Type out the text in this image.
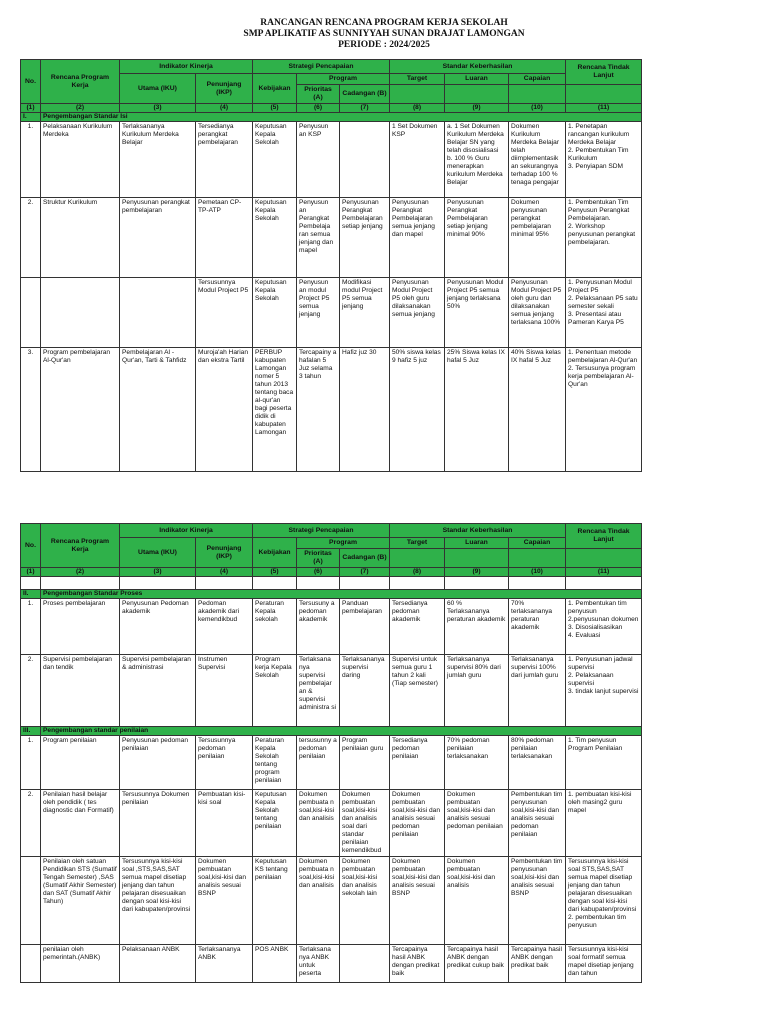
RANCANGAN RENCANA PROGRAM KERJA SEKOLAH
SMP APLIKATIF AS SUNNIYYAH SUNAN DRAJAT LAMONGAN
PERIODE : 2024/2025
No.	Rencana Program Kerja	Indikator Kinerja		Strategi Pencapaian			Standar Keberhasilan			Rencana Tindak Lanjut
		Utama (IKU)	Penunjang (IKP)	Kebijakan	Program		Target	Luaran	Capaian	
					Prioritas (A)	Cadangan (B)				
(1)	(2)	(3)	(4)	(5)	(6)	(7)	(8)	(9)	(10)	(11)
I.	Pengembangan Standar Isi									
1.	Pelaksanaan Kurikulum Merdeka	Terlaksananya Kurikulum Merdeka Belajar	Tersedianya perangkat pembelajaran	Keputusan Kepala Sekolah	Penyusun an KSP		1 Set Dokumen KSP	a. 1 Set Dokumen Kurikulum Merdeka Belajar SN yang telah disosialisasi
b. 100 % Guru menerapkan kurikulum Merdeka Belajar	Dokumen Kurikulum Merdeka Belajar telah diimplementasik an sekurangnya terhadap 100 % tenaga pengajar	1. Penetapan rancangan kurikulum Merdeka Belajar
2. Pembentukan Tim Kurikulum
3. Penyiapan SDM
2.	Struktur Kurikulum	Penyusunan perangkat pembelajaran	Pemetaan CP-TP-ATP	Keputusan Kepala Sekolah	Penyusun an Perangkat Pembelaja ran semua jenjang dan mapel	Penyusunan Perangkat Pembelajaran setiap jenjang	Penyusunan Perangkat Pembelajaran semua jenjang dan mapel	Penyusunan Perangkat Pembelajaran setiap jenjang minimal 90%	Dokumen penyusunan perangkat pembelajaran minimal 95%	1. Pembentukan Tim Penyusun Perangkat Pembelajaran.
2. Workshop penyusunan perangkat pembelajaran.
			Tersusunnya Modul Project P5	Keputusan Kepala Sekolah	Penyusun an modul Project P5 semua jenjang	Modifikasi modul Project P5 semua jenjang	Penyusunan Modul Project P5 oleh guru dilaksanakan semua jenjang	Penyusunan Modul Project P5 semua jenjang terlaksana 50%	Penyusunan Modul Project P5 oleh guru dan dilaksanakan semua jenjang terlaksana 100%	1. Penyusunan Modul Project P5
2. Pelaksanaan P5 satu semester sekali
3. Presentasi atau Pameran Karya P5
3.	Program pembelajaran Al-Qur'an	Pembelajaran Al - Qur'an, Tarti & Tahfidz	Muroja'ah Harian dan ekstra Tartil	PERBUP kabupaten Lamongan nomer 5 tahun 2013 tentang baca al-qur'an bagi peserta didik di kabupaten Lamongan	Tercapainy a hafalan 5 Juz selama 3 tahun	Hafiz juz 30	50% siswa kelas 9 hafiz 5 juz	25% Siswa kelas IX hafal 5 Juz	40% Siswa kelas IX hafal 5 Juz	1. Penentuan metode pembelajaran Al-Qur'an
2. Tersusunya program kerja pembelajaran Al-Qur'an
No.	Rencana Program Kerja	Indikator Kinerja		Strategi Pencapaian			Standar Keberhasilan			Rencana Tindak Lanjut
		Utama (IKU)	Penunjang (IKP)	Kebijakan	Program		Target	Luaran	Capaian	
					Prioritas (A)	Cadangan (B)				
(1)	(2)	(3)	(4)	(5)	(6)	(7)	(8)	(9)	(10)	(11)

II.	Pengembangan Standar Proses									
1.	Proses pembelajaran	Penyusunan Pedoman akademik	Pedoman akademik dari kemendikbud	Peraturan Kepala sekolah	Tersusuny a pedoman akademik	Panduan pembelajaran	Tersedianya pedoman akademik	60 % Terlaksananya peraturan akademik	70% terlaksananya peraturan akademik	1. Pembentukan tim penyusun
2.penyusunan dokumen
3. Disosialisasikan
4. Evaluasi
2.	Supervisi pembelajaran dan tendik	Supervisi pembelajaran & administrasi	Instrumen Supervisi	Program kerja Kepala Sekolah	Terlaksana nya supervisi pembelajar an & supervisi administra si	Terlaksananya supervisi daring	Supervisi untuk semua guru 1 tahun 2 kali (Tiap semester)	Terlaksananya supervisi 80% dari jumlah guru	Terlaksananya supervisi 100% dari jumlah guru	1. Penyusunan jadwal supervisi
2. Pelaksanaan supervisi
3. tindak lanjut supervisi
III.	Pengembangan standar penilaian									
1.	Program penilaian	Penyusunan pedoman penilaian	Tersusunnya pedoman penilaian	Peraturan Kepala Sekolah tentang program penilaian	tersusunny a pedoman penilaian	Program penilaian guru	Tersedianya pedoman penilaian	70% pedoman penilaian terlaksanakan	80% pedoman penilaian terlaksanakan	1. Tim penyusun Program Penilaian
2.	Penilaian hasil belajar oleh pendidik ( tes diagnostic dan Formatif)	Tersusunnya Dokumen penilaian	Pembuatan kisi-kisi soal	Keputusan Kepala Sekolah tentang penilaian	Dokumen pembuata n soal,kisi-kisi dan analisis	Dokumen pembuatan soal,kisi-kisi dan analisis soal dari standar penilaian kemendikbud	Dokumen pembuatan soal,kisi-kisi dan analisis sesuai pedoman penilaian	Dokumen pembuatan soal,kisi-kisi dan analisis sesuai pedoman penilaian	Pembentukan tim penyusunan soal,kisi-kisi dan analisis sesuai pedoman penilaian	1. pembuatan kisi-kisi oleh masing2 guru mapel
	Penilaian oleh satuan Pendidikan STS (Sumatif Tengah Semester) ,SAS (Sumatif Akhir Semester) dan SAT (Sumatif Akhir Tahun)	Tersusunnya kisi-kisi soal ,STS,SAS,SAT semua mapel disetiap jenjang dan tahun pelajaran disesuaikan dengan soal kisi-kisi dari kabupaten/provinsi	Dokumen pembuatan soal,kisi-kisi dan analisis sesuai BSNP	Keputusan KS tentang penilaian	Dokumen pembuata n soal,kisi-kisi dan analisis	Dokumen pembuatan soal,kisi-kisi dan analisis sekolah lain	Dokumen pembuatan soal,kisi-kisi dan analisis sesuai BSNP	Dokumen pembuatan soal,kisi-kisi dan analisis	Pembentukan tim penyusunan soal,kisi-kisi dan analisis sesuai BSNP	Tersusunnya kisi-kisi soal STS,SAS,SAT semua mapel disetiap jenjang dan tahun pelajaran disesuaikan dengan soal kisi-kisi dari kabupaten/provinsi
2. pembentukan tim penyusun
	penilaian oleh pemerintah.(ANBK)	Pelaksanaan ANBK	Terlaksananya ANBK	POS ANBK	Terlaksana nya ANBK untuk peserta		Tercapainya hasil ANBK dengan predikat baik	Tercapainya hasil ANBK dengan predikat cukup baik	Tercapainya hasil ANBK dengan predikat baik	Tersusunnya kisi-kisi soal formatif semua mapel disetiap jenjang dan tahun
